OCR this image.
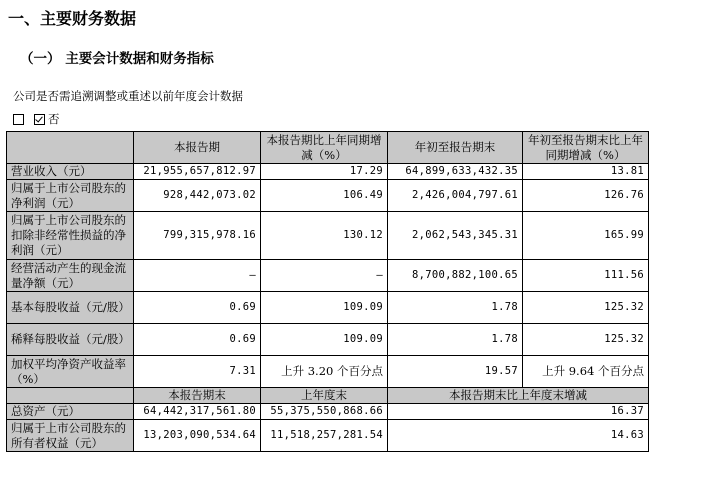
一、主要财务数据
（一） 主要会计数据和财务指标
公司是否需追溯调整或重述以前年度会计数据
否
	本报告期	本报告期比上年同期增减（%）	年初至报告期末	年初至报告期末比上年同期增减（%）
营业收入（元）	21,955,657,812.97	17.29	64,899,633,432.35	13.81
归属于上市公司股东的净利润（元）	928,442,073.02	106.49	2,426,004,797.61	126.76
归属于上市公司股东的扣除非经常性损益的净利润（元）	799,315,978.16	130.12	2,062,543,345.31	165.99
经营活动产生的现金流量净额（元）	—	—	8,700,882,100.65	111.56
基本每股收益（元/股）	0.69	109.09	1.78	125.32
稀释每股收益（元/股）	0.69	109.09	1.78	125.32
加权平均净资产收益率（%）	7.31	上升 3.20 个百分点	19.57	上升 9.64 个百分点
	本报告期末	上年度末	本报告期末比上年度末增减	
总资产（元）	64,442,317,561.80	55,375,550,868.66	16.37	
归属于上市公司股东的所有者权益（元）	13,203,090,534.64	11,518,257,281.54	14.63	
